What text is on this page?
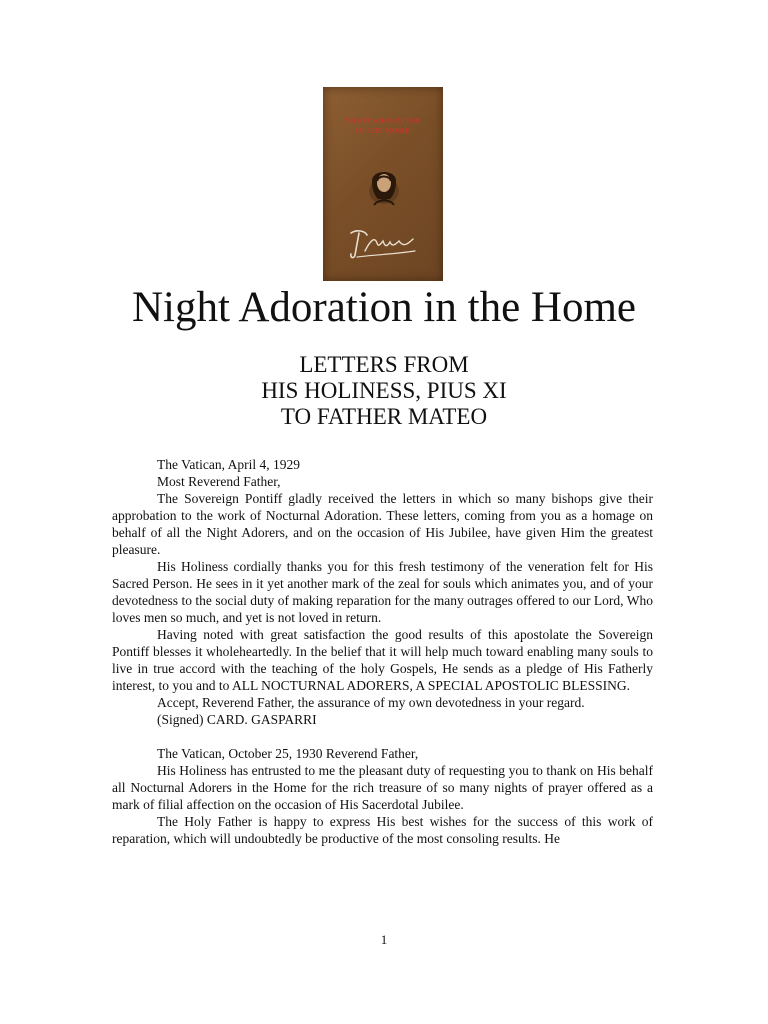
NIGHT ADORATION
IN THE HOME
Night Adoration in the Home
LETTERS FROM
HIS HOLINESS, PIUS XI
TO FATHER MATEO

The Vatican, April 4, 1929

Most Reverend Father,

The Sovereign Pontiff gladly received the letters in which so many bishops give their approbation to the work of Nocturnal Adoration. These letters, coming from you as a homage on behalf of all the Night Adorers, and on the occasion of His Jubilee, have given Him the greatest pleasure.

His Holiness cordially thanks you for this fresh testimony of the veneration felt for His Sacred Person. He sees in it yet another mark of the zeal for souls which animates you, and of your devotedness to the social duty of making reparation for the many outrages offered to our Lord, Who loves men so much, and yet is not loved in return.

Having noted with great satisfaction the good results of this apostolate the Sovereign Pontiff blesses it wholeheartedly. In the belief that it will help much toward enabling many souls to live in true accord with the teaching of the holy Gospels, He sends as a pledge of His Fatherly interest, to you and to ALL NOCTURNAL ADORERS, A SPECIAL APOSTOLIC BLESSING.

Accept, Reverend Father, the assurance of my own devotedness in your regard.

(Signed) CARD. GASPARRI

The Vatican, October 25, 1930 Reverend Father,

His Holiness has entrusted to me the pleasant duty of requesting you to thank on His behalf all Nocturnal Adorers in the Home for the rich treasure of so many nights of prayer offered as a mark of filial affection on the occasion of His Sacerdotal Jubilee.

The Holy Father is happy to express His best wishes for the success of this work of reparation, which will undoubtedly be productive of the most consoling results. He

1
